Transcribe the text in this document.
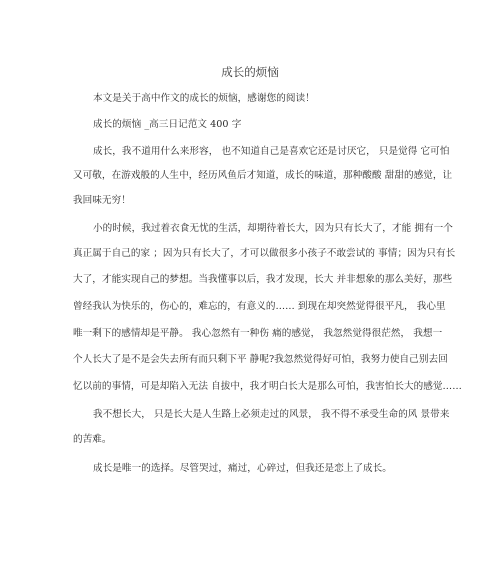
成长的烦恼
本文是关于高中作文的成长的烦恼，感谢您的阅读！
成长的烦恼 _高三日记范文 400 字
成长，我不道用什么来形容， 也不知道自己是喜欢它还是讨厌它， 只是觉得 它可怕
又可敬，在游戏般的人生中，经历风鱼后才知道，成长的味道，那种酸酸 甜甜的感觉，让
我回味无穷！
小的时候，我过着衣食无忧的生活，却期待着长大，因为只有长大了，才能 拥有一个
真正属于自己的家 ；因为只有长大了，才可以做很多小孩子不敢尝试的 事情；因为只有长
大了，才能实现自己的梦想。当我懂事以后，我才发现，长大 并非想象的那么美好，那些
曾经我认为快乐的，伤心的，难忘的，有意义的…… 到现在却突然觉得很平凡， 我心里
唯一剩下的感情却是平静。 我心忽然有一种伤 痛的感觉， 我忽然觉得很茫然， 我想一
个人长大了是不是会失去所有而只剩下平 静呢?我忽然觉得好可怕，我努力使自己别去回
忆以前的事情，可是却陷入无法 自拔中，我才明白长大是那么可怕，我害怕长大的感觉……
我不想长大， 只是长大是人生路上必须走过的风景， 我不得不承受生命的风 景带来
的苦难。
成长是唯一的选择。尽管哭过，痛过，心碎过，但我还是恋上了成长。
